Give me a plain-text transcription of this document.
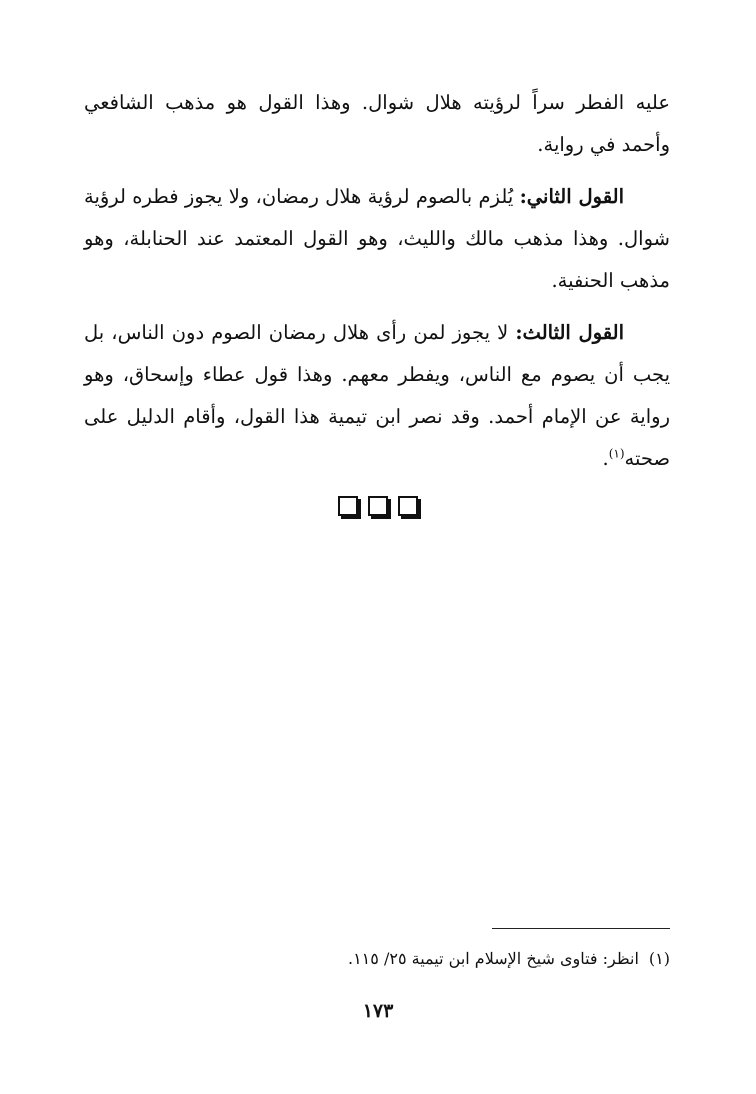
عليه الفطر سراً لرؤيته هلال شوال. وهذا القول هو مذهب الشافعي وأحمد في رواية.

القول الثاني: يُلزم بالصوم لرؤية هلال رمضان، ولا يجوز فطره لرؤية شوال. وهذا مذهب مالك والليث، وهو القول المعتمد عند الحنابلة، وهو مذهب الحنفية.

القول الثالث: لا يجوز لمن رأى هلال رمضان الصوم دون الناس، بل يجب أن يصوم مع الناس، ويفطر معهم. وهذا قول عطاء وإسحاق، وهو رواية عن الإمام أحمد. وقد نصر ابن تيمية هذا القول، وأقام الدليل على صحته$^{(١)}$.

(١)انظر: فتاوى شيخ الإسلام ابن تيمية ٢٥/ ١١٥.
١٧٣
